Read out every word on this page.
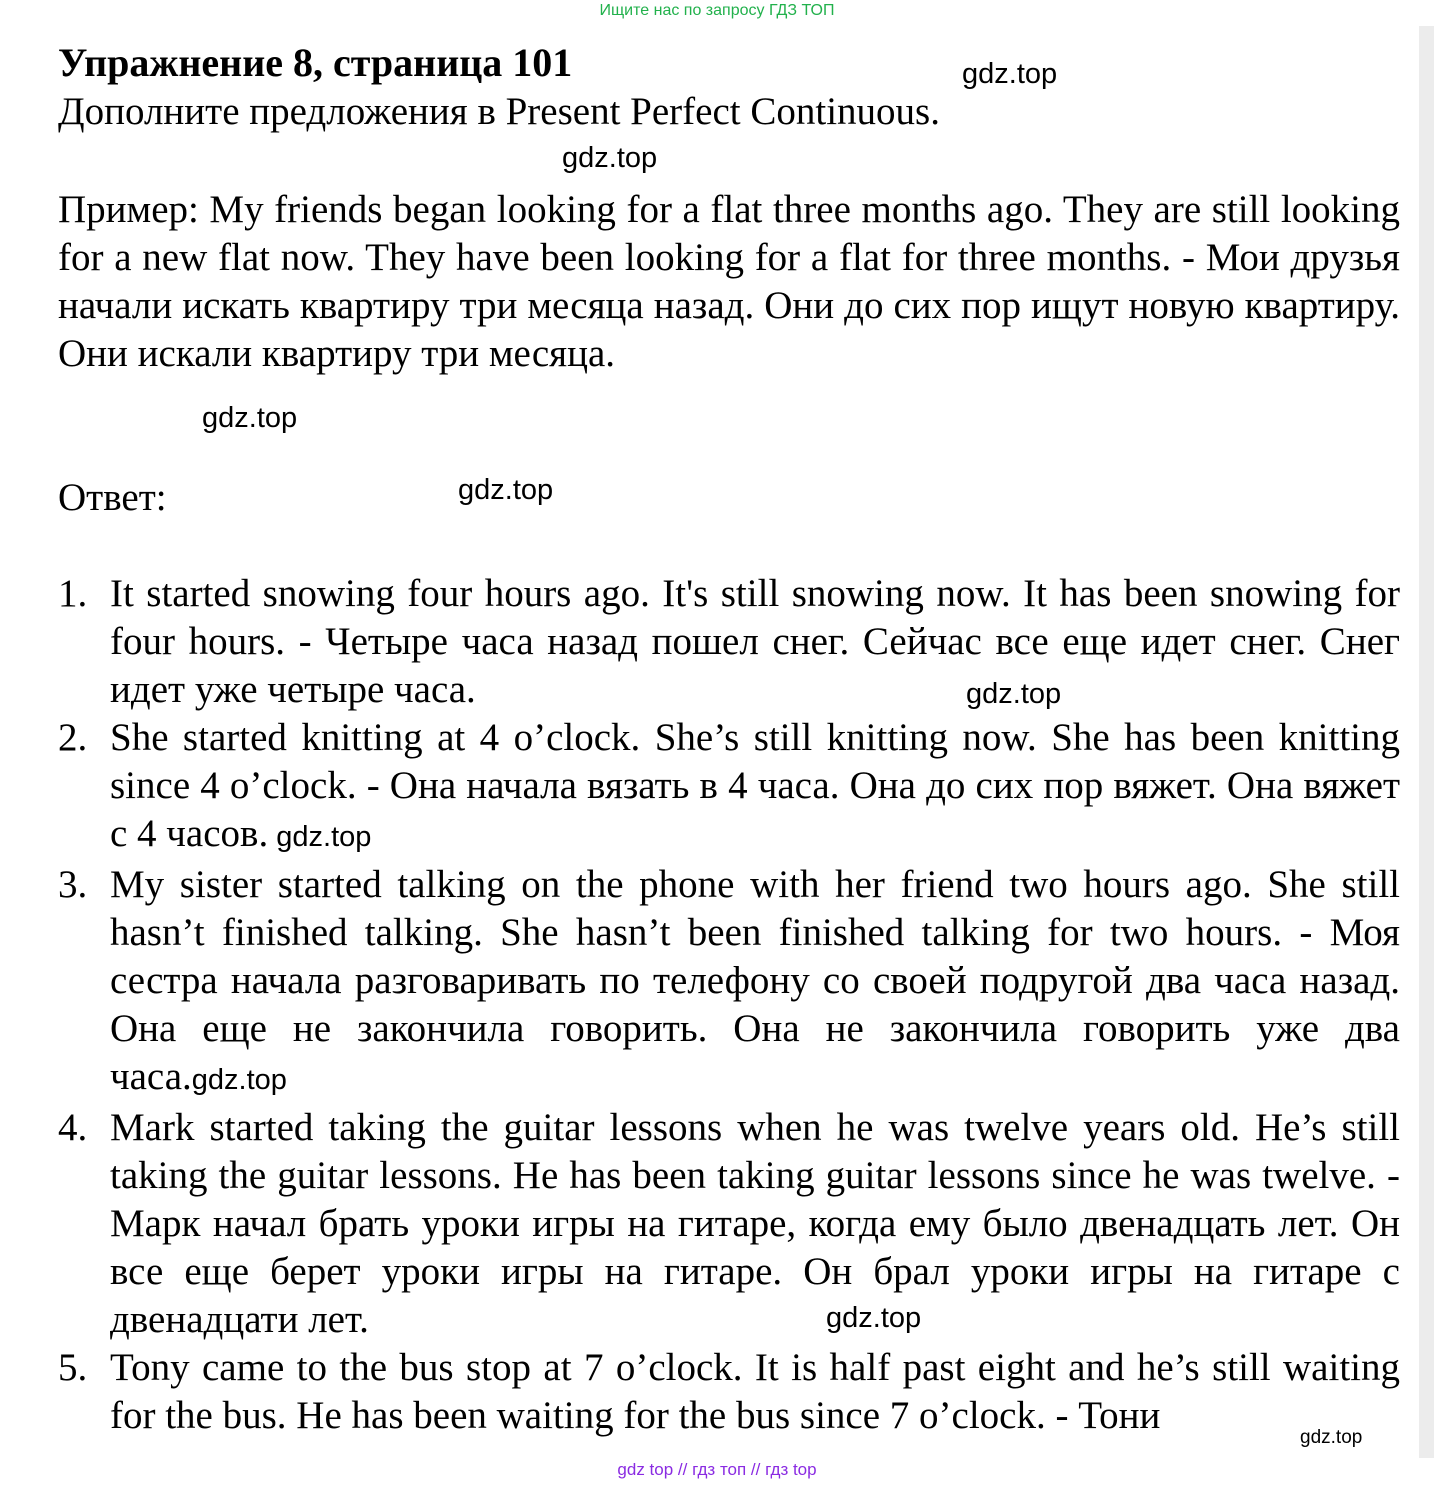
Ищите нас по запросу ГДЗ ТОП
Упражнение 8, страница 101

Дополните предложения в Present Perfect Continuous.

Пример: My friends began looking for a flat three months ago. They are still looking for a new flat now. They have been looking for a flat for three months. - Мои друзья начали искать квартиру три месяца назад. Они до сих пор ищут новую квартиру. Они искали квартиру три месяца.

Ответ:

1. It started snowing four hours ago. It's still snowing now. It has been snowing for four hours. - Четыре часа назад пошел снег. Сейчас все еще идет снег. Снег идет уже четыре часа.
2. She started knitting at 4 o’clock. She’s still knitting now. She has been knitting since 4 o’clock. - Она начала вязать в 4 часа. Она до сих пор вяжет. Она вяжет с 4 часов. gdz.top
3. My sister started talking on the phone with her friend two hours ago. She still hasn’t finished talking. She hasn’t been finished talking for two hours. - Моя сестра начала разговаривать по телефону со своей подругой два часа назад. Она еще не закончила говорить. Она не закончила говорить уже два часа.gdz.top
4. Mark started taking the guitar lessons when he was twelve years old. He’s still taking the guitar lessons. He has been taking guitar lessons since he was twelve. - Марк начал брать уроки игры на гитаре, когда ему было двенадцать лет. Он все еще берет уроки игры на гитаре. Он брал уроки игры на гитаре с двенадцати лет.
5. Tony came to the bus stop at 7 o’clock. It is half past eight and he’s still waiting for the bus. He has been waiting for the bus since 7 o’clock. - Тони
gdz.top
gdz.top
gdz.top
gdz.top
gdz.top
gdz.top
gdz.top
gdz top // гдз топ // гдз top
